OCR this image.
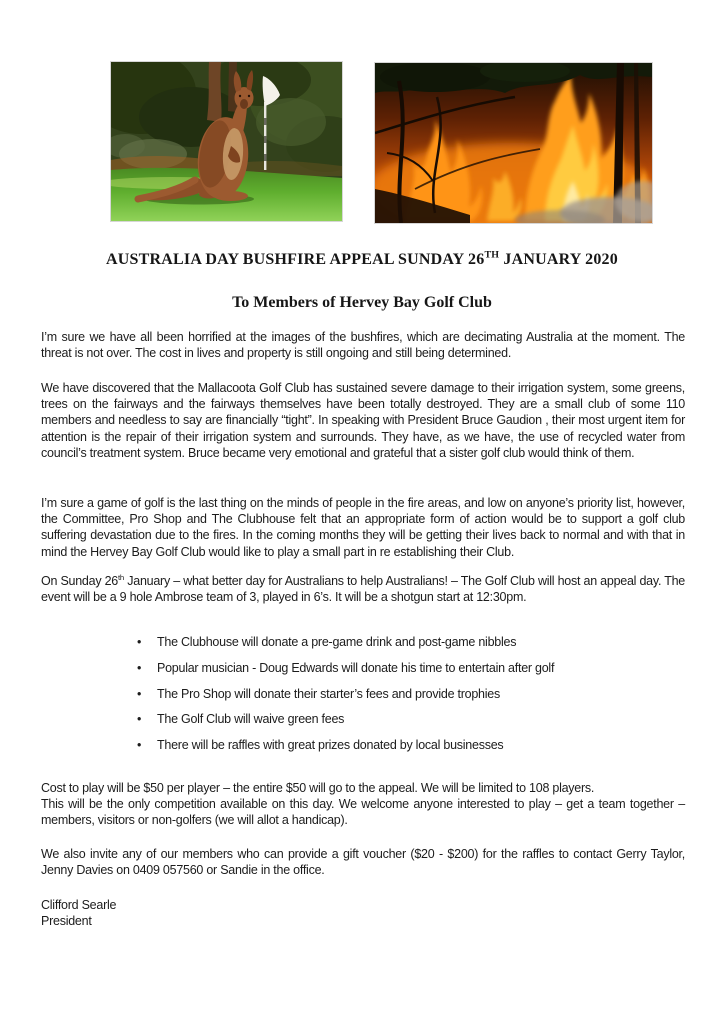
AUSTRALIA DAY BUSHFIRE APPEAL SUNDAY 26TH JANUARY 2020
To Members of Hervey Bay Golf Club

I’m sure we have all been horrified at the images of the bushfires, which are decimating Australia at the moment. The threat is not over. The cost in lives and property is still ongoing and still being determined.

We have discovered that the Mallacoota Golf Club has sustained severe damage to their irrigation system, some greens, trees on the fairways and the fairways themselves have been totally destroyed. They are a small club of some 110 members and needless to say are financially “tight”. In speaking with President Bruce Gaudion , their most urgent item for attention is the repair of their irrigation system and surrounds. They have, as we have, the use of recycled water from council’s treatment system. Bruce became very emotional and grateful that a sister golf club would think of them.

I’m sure a game of golf is the last thing on the minds of people in the fire areas, and low on anyone’s priority list, however, the Committee, Pro Shop and The Clubhouse felt that an appropriate form of action would be to support a golf club suffering devastation due to the fires. In the coming months they will be getting their lives back to normal and with that in mind the Hervey Bay Golf Club would like to play a small part in re establishing their Club.

On Sunday 26th January – what better day for Australians to help Australians! – The Golf Club will host an appeal day. The event will be a 9 hole Ambrose team of 3, played in 6’s. It will be a shotgun start at 12:30pm.

• The Clubhouse will donate a pre-game drink and post-game nibbles
• Popular musician - Doug Edwards will donate his time to entertain after golf
• The Pro Shop will donate their starter’s fees and provide trophies
• The Golf Club will waive green fees
• There will be raffles with great prizes donated by local businesses

Cost to play will be $50 per player – the entire $50 will go to the appeal. We will be limited to 108 players.
This will be the only competition available on this day. We welcome anyone interested to play – get a team together – members, visitors or non-golfers (we will allot a handicap).

We also invite any of our members who can provide a gift voucher ($20 - $200) for the raffles to contact Gerry Taylor, Jenny Davies on 0409 057560 or Sandie in the office.

Clifford Searle
President
